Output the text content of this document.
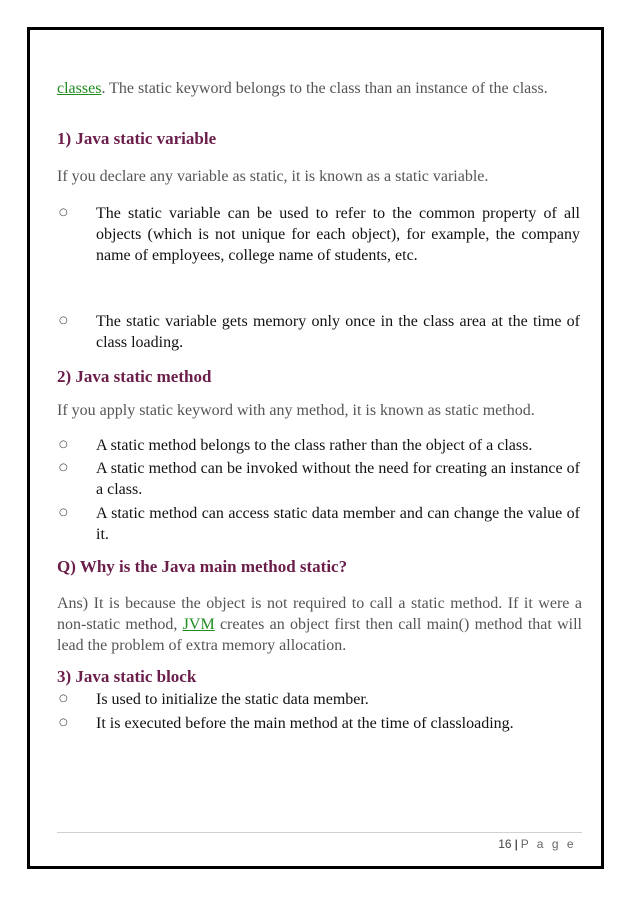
classes. The static keyword belongs to the class than an instance of the class.
1) Java static variable
If you declare any variable as static, it is known as a static variable.
○ The static variable can be used to refer to the common property of all objects (which is not unique for each object), for example, the company name of employees, college name of students, etc.
○ The static variable gets memory only once in the class area at the time of class loading.
2) Java static method
If you apply static keyword with any method, it is known as static method.
○ A static method belongs to the class rather than the object of a class.
○ A static method can be invoked without the need for creating an instance of a class.
○ A static method can access static data member and can change the value of it.
Q) Why is the Java main method static?
Ans) It is because the object is not required to call a static method. If it were a non-static method, JVM creates an object first then call main() method that will lead the problem of extra memory allocation.
3) Java static block
○ Is used to initialize the static data member.
○ It is executed before the main method at the time of classloading.
16 | P a g e
